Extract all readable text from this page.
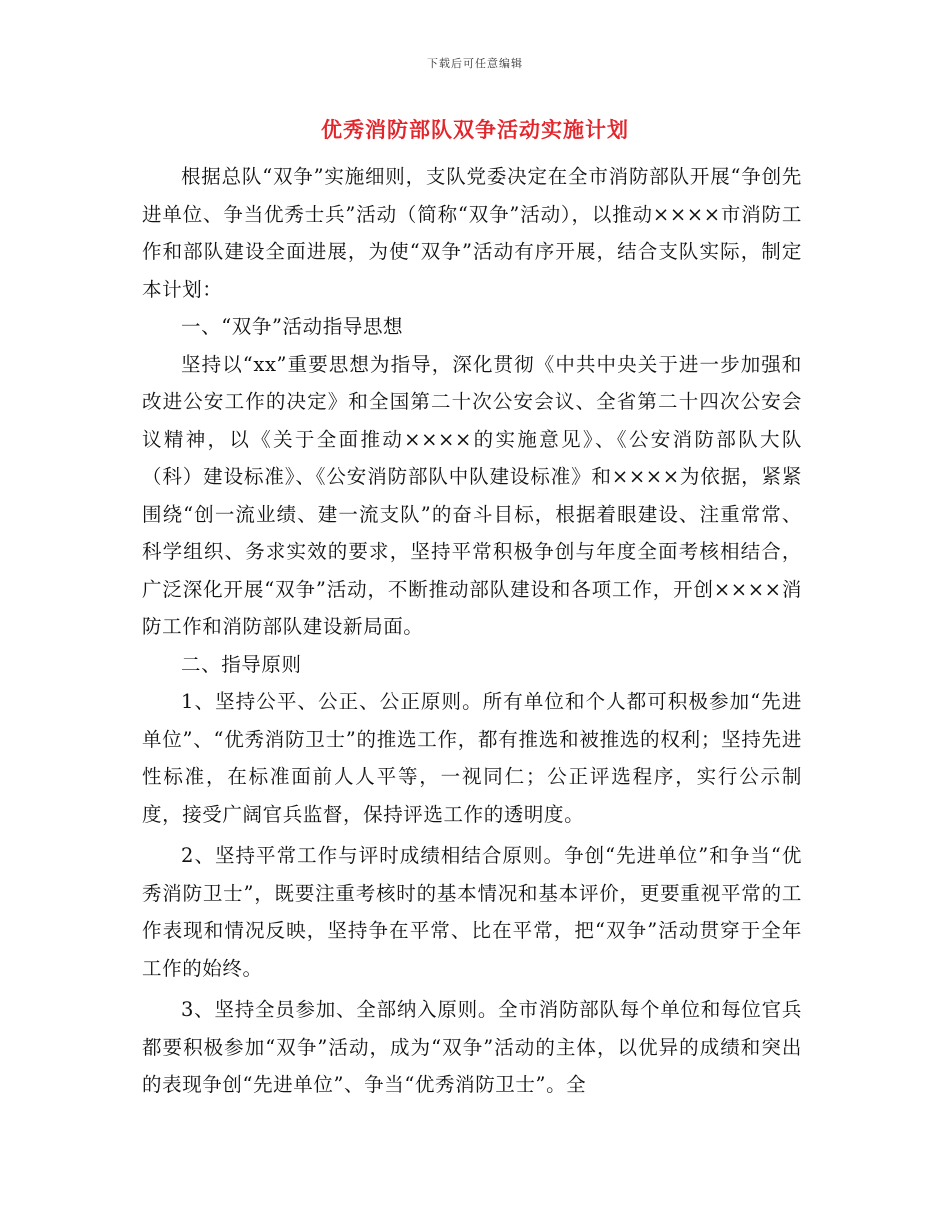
下载后可任意编辑
优秀消防部队双争活动实施计划

根据总队“双争”实施细则，支队党委决定在全市消防部队开展“争创先进单位、争当优秀士兵”活动（简称“双争”活动），以推动××××市消防工作和部队建设全面进展，为使“双争”活动有序开展，结合支队实际，制定本计划：

一、“双争”活动指导思想

坚持以“xx”重要思想为指导，深化贯彻《中共中央关于进一步加强和改进公安工作的决定》和全国第二十次公安会议、全省第二十四次公安会议精神，以《关于全面推动××××的实施意见》、《公安消防部队大队（科）建设标准》、《公安消防部队中队建设标准》和××××为依据，紧紧围绕“创一流业绩、建一流支队”的奋斗目标，根据着眼建设、注重常常、科学组织、务求实效的要求，坚持平常积极争创与年度全面考核相结合，广泛深化开展“双争”活动，不断推动部队建设和各项工作，开创××××消防工作和消防部队建设新局面。

二、指导原则

1、坚持公平、公正、公正原则。所有单位和个人都可积极参加“先进单位”、“优秀消防卫士”的推选工作，都有推选和被推选的权利；坚持先进性标准，在标准面前人人平等，一视同仁；公正评选程序，实行公示制度，接受广阔官兵监督，保持评选工作的透明度。

2、坚持平常工作与评时成绩相结合原则。争创“先进单位”和争当“优秀消防卫士”，既要注重考核时的基本情况和基本评价，更要重视平常的工作表现和情况反映，坚持争在平常、比在平常，把“双争”活动贯穿于全年工作的始终。

3、坚持全员参加、全部纳入原则。全市消防部队每个单位和每位官兵都要积极参加“双争”活动，成为“双争”活动的主体，以优异的成绩和突出的表现争创“先进单位”、争当“优秀消防卫士”。全
